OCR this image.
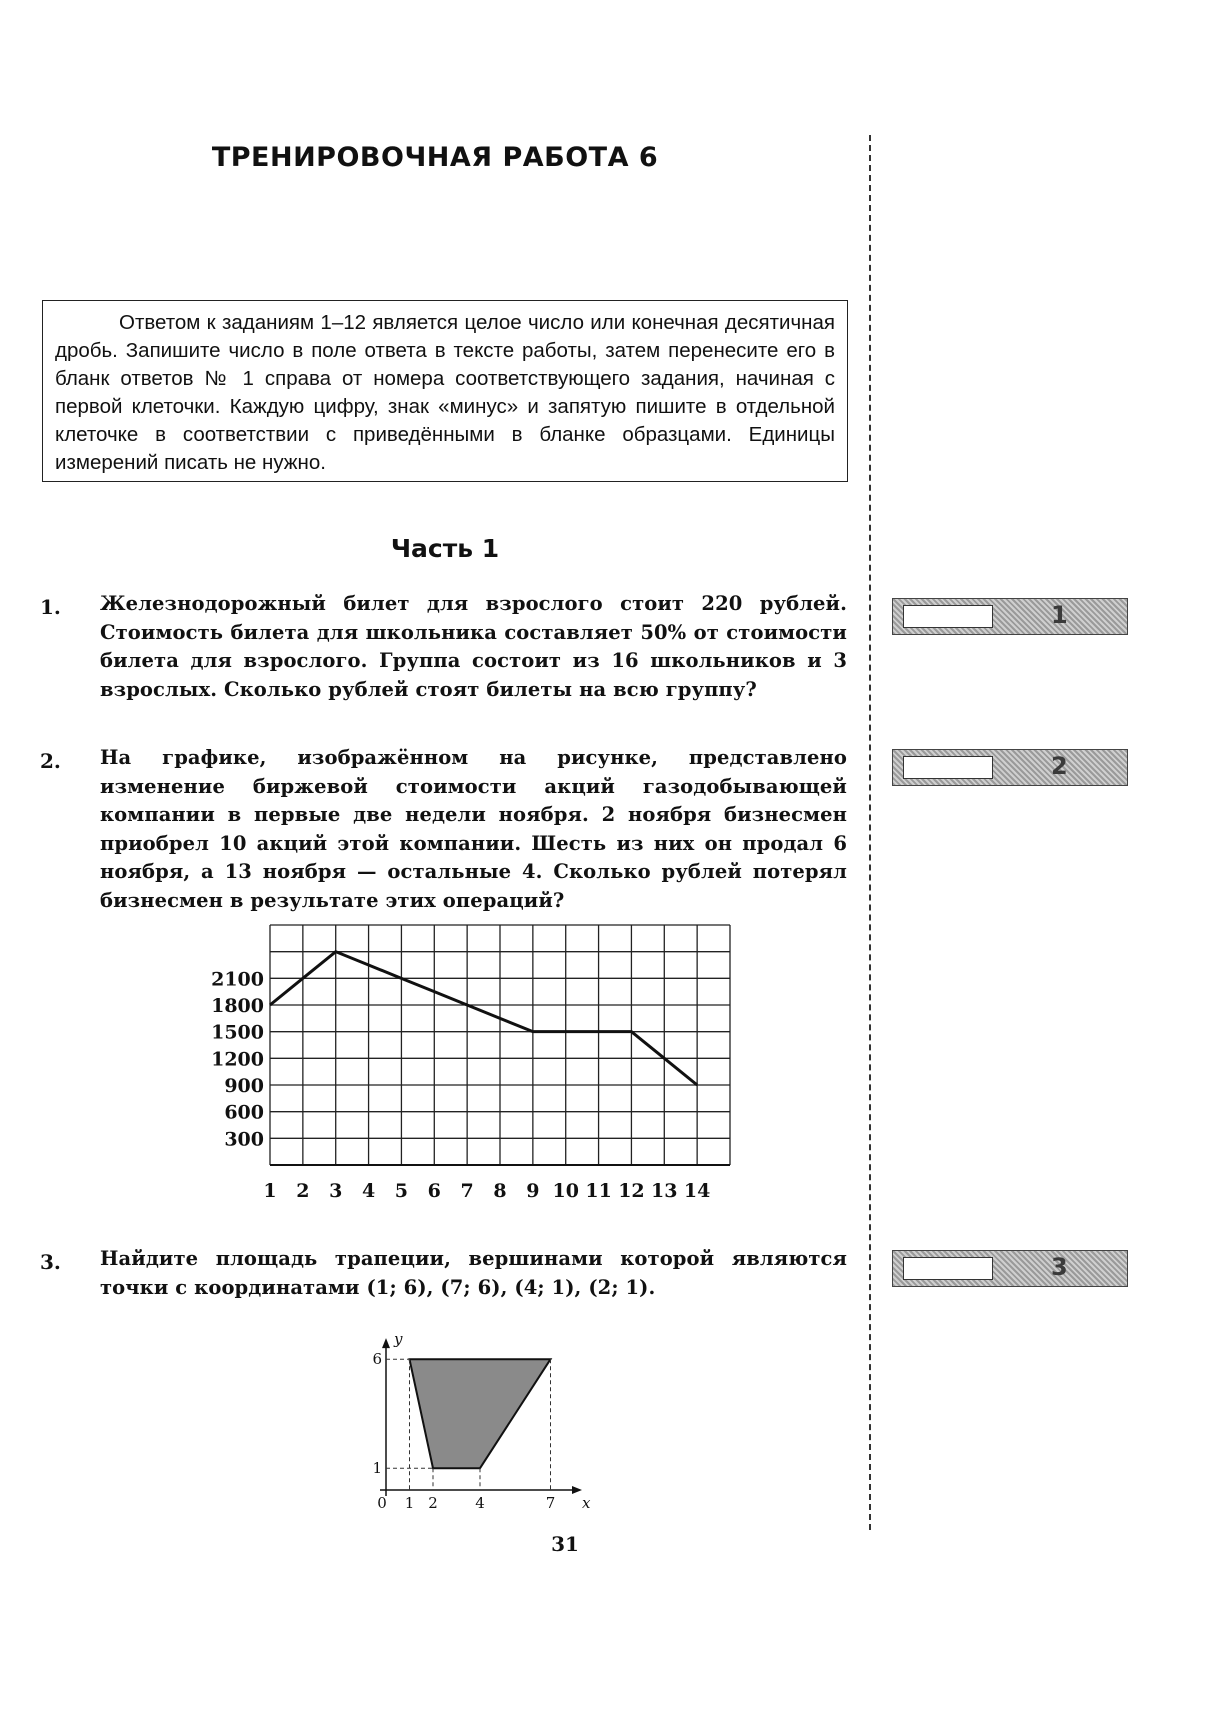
ТРЕНИРОВОЧНАЯ РАБОТА 6
Ответом к заданиям 1–12 является целое число или конечная десятичная дробь. Запишите число в поле ответа в тексте работы, затем перенесите его в бланк ответов № 1 справа от номера соответствующего задания, начиная с первой клеточки. Каждую цифру, знак «минус» и запятую пишите в отдельной клеточке в соответствии с приведёнными в бланке образцами. Единицы измерений писать не нужно.
Часть 1
1. Железнодорожный билет для взрослого стоит 220 рублей. Стоимость билета для школьника составляет 50% от стоимости билета для взрослого. Группа состоит из 16 школьников и 3 взрослых. Сколько рублей стоят билеты на всю группу?
1
2. На графике, изображённом на рисунке, представлено изменение биржевой стоимости акций газодобывающей компании в первые две недели ноября. 2 ноября бизнесмен приобрел 10 акций этой компании. Шесть из них он продал 6 ноября, а 13 ноября — остальные 4. Сколько рублей потерял бизнесмен в результате этих операций?
2
300
600
900
1200
1500
1800
2100
1 2 3 4 5 6 7 8 9 10 11 12 13 14
3. Найдите площадь трапеции, вершинами которой являются точки с координатами (1; 6), (7; 6), (4; 1), (2; 1).
3
0 1 2 4	7
1
6
x
y
31
